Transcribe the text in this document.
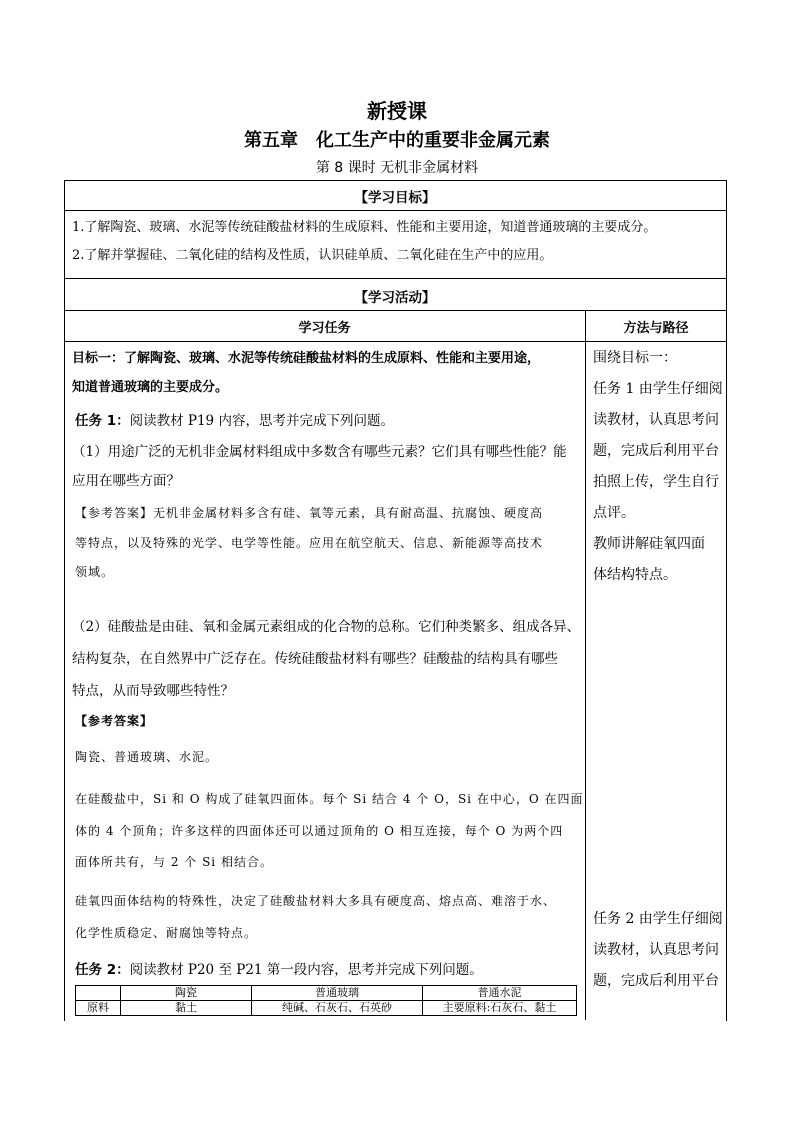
新授课
第五章　化工生产中的重要非金属元素
第 8 课时 无机非金属材料
【学习目标】
1.了解陶瓷、玻璃、水泥等传统硅酸盐材料的生成原料、性能和主要用途，知道普通玻璃的主要成分。
2.了解并掌握硅、二氧化硅的结构及性质，认识硅单质、二氧化硅在生产中的应用。
【学习活动】
学习任务	方法与路径
目标一：了解陶瓷、玻璃、水泥等传统硅酸盐材料的生成原料、性能和主要用途，
知道普通玻璃的主要成分。
任务 1：阅读教材 P19 内容，思考并完成下列问题。
（1）用途广泛的无机非金属材料组成中多数含有哪些元素？它们具有哪些性能？能
应用在哪些方面？
【参考答案】无机非金属材料多含有硅、氧等元素，具有耐高温、抗腐蚀、硬度高
等特点，以及特殊的光学、电学等性能。应用在航空航天、信息、新能源等高技术
领域。
（2）硅酸盐是由硅、氧和金属元素组成的化合物的总称。它们种类繁多、组成各异、
结构复杂，在自然界中广泛存在。传统硅酸盐材料有哪些？硅酸盐的结构具有哪些
特点，从而导致哪些特性？
【参考答案】
陶瓷、普通玻璃、水泥。
在硅酸盐中，Si 和 O 构成了硅氧四面体。每个 Si 结合 4 个 O，Si 在中心，O 在四面
体的 4 个顶角；许多这样的四面体还可以通过顶角的 O 相互连接，每个 O 为两个四
面体所共有，与 2 个 Si 相结合。
硅氧四面体结构的特殊性，决定了硅酸盐材料大多具有硬度高、熔点高、难溶于水、
化学性质稳定、耐腐蚀等特点。
任务 2：阅读教材 P20 至 P21 第一段内容，思考并完成下列问题。
	陶瓷	普通玻璃	普通水泥
原料	黏土	纯碱、石灰石、石英砂	主要原料:石灰石、黏土
围绕目标一：
任务 1 由学生仔细阅
读教材，认真思考问
题，完成后利用平台
拍照上传，学生自行
点评。
教师讲解硅氧四面
体结构特点。
任务 2 由学生仔细阅
读教材，认真思考问
题，完成后利用平台
